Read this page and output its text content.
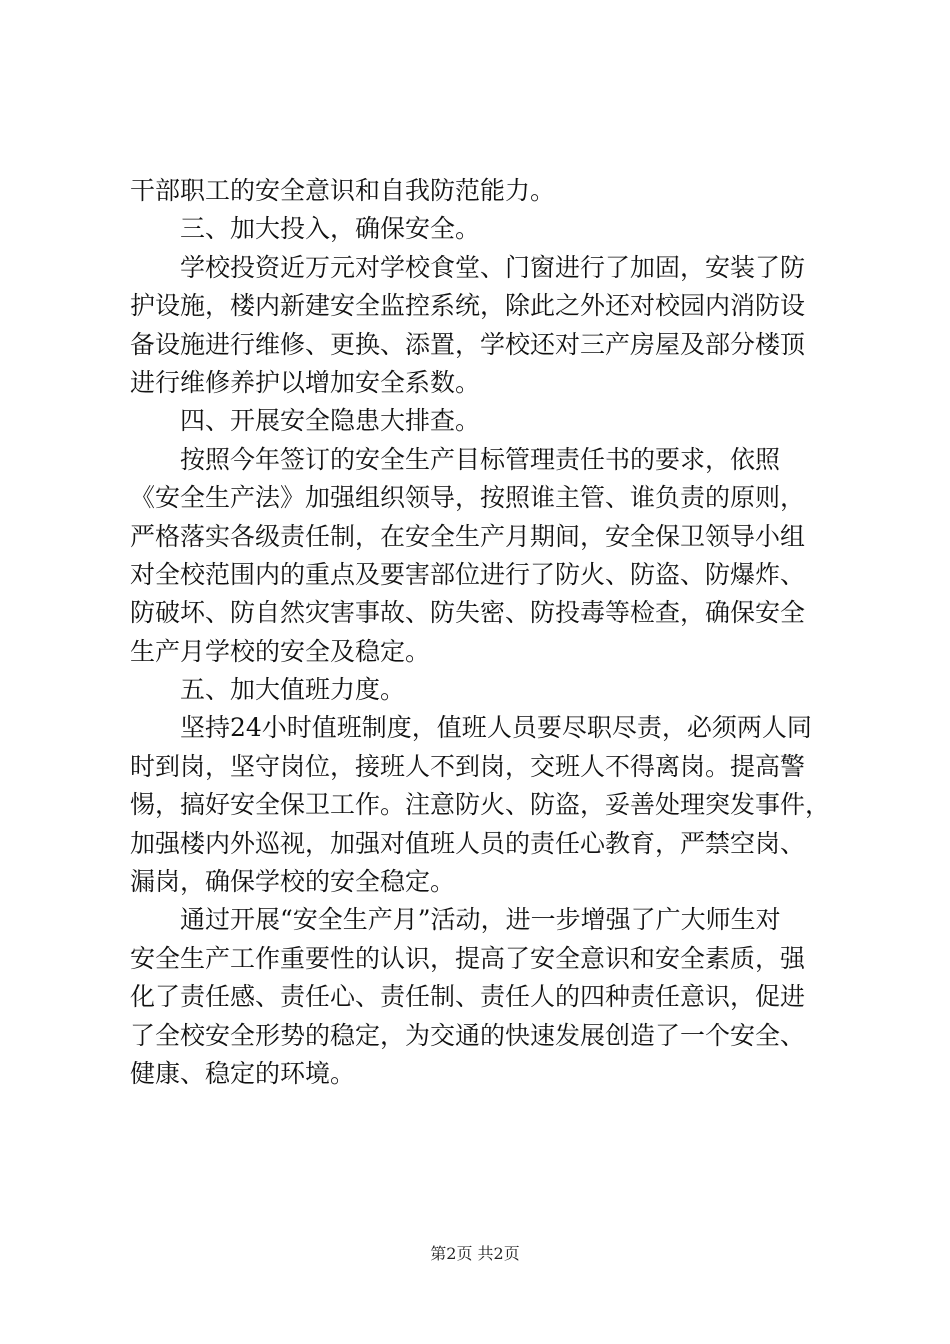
干部职工的安全意识和自我防范能力。
三、加大投入，确保安全。
学校投资近万元对学校食堂、门窗进行了加固，安装了防
护设施，楼内新建安全监控系统，除此之外还对校园内消防设
备设施进行维修、更换、添置，学校还对三产房屋及部分楼顶
进行维修养护以增加安全系数。
四、开展安全隐患大排查。
按照今年签订的安全生产目标管理责任书的要求，依照
《安全生产法》加强组织领导，按照谁主管、谁负责的原则，
严格落实各级责任制，在安全生产月期间，安全保卫领导小组
对全校范围内的重点及要害部位进行了防火、防盗、防爆炸、
防破坏、防自然灾害事故、防失密、防投毒等检查，确保安全
生产月学校的安全及稳定。
五、加大值班力度。
坚持24小时值班制度，值班人员要尽职尽责，必须两人同
时到岗，坚守岗位，接班人不到岗，交班人不得离岗。提高警
惕，搞好安全保卫工作。注意防火、防盗，妥善处理突发事件，
加强楼内外巡视，加强对值班人员的责任心教育，严禁空岗、
漏岗，确保学校的安全稳定。
通过开展“安全生产月”活动，进一步增强了广大师生对
安全生产工作重要性的认识，提高了安全意识和安全素质，强
化了责任感、责任心、责任制、责任人的四种责任意识，促进
了全校安全形势的稳定，为交通的快速发展创造了一个安全、
健康、稳定的环境。
第2页 共2页
